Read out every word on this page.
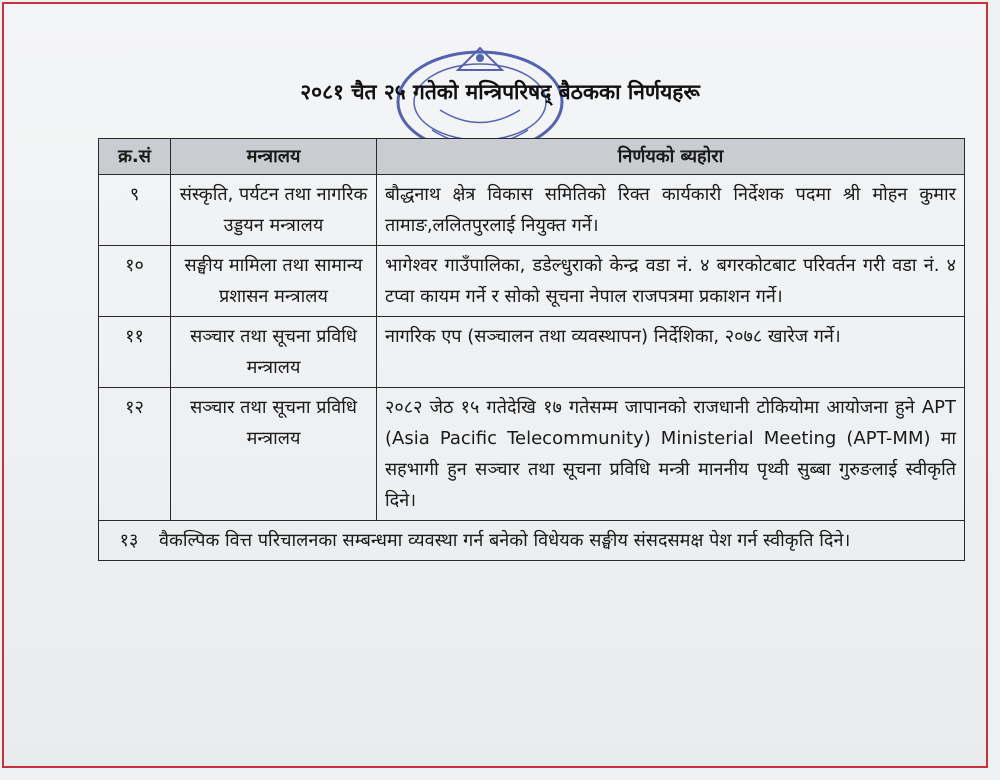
२०८१ चैत २५ गतेको मन्त्रिपरिषद् बैठकका निर्णयहरू
क्र.सं	मन्त्रालय	निर्णयको ब्यहोरा
९	संस्कृति, पर्यटन तथा नागरिक उड्डयन मन्त्रालय	बौद्धनाथ क्षेत्र विकास समितिको रिक्त कार्यकारी निर्देशक पदमा श्री मोहन कुमार तामाङ,ललितपुरलाई नियुक्त गर्ने।
१०	सङ्घीय मामिला तथा सामान्य प्रशासन मन्त्रालय	भागेश्वर गाउँपालिका, डडेल्धुराको केन्द्र वडा नं. ४ बगरकोटबाट परिवर्तन गरी वडा नं. ४ टप्वा कायम गर्ने र सोको सूचना नेपाल राजपत्रमा प्रकाशन गर्ने।
११	सञ्चार तथा सूचना प्रविधि मन्त्रालय	नागरिक एप (सञ्चालन तथा व्यवस्थापन) निर्देशिका, २०७८ खारेज गर्ने।
१२	सञ्चार तथा सूचना प्रविधि मन्त्रालय	२०८२ जेठ १५ गतेदेखि १७ गतेसम्म जापानको राजधानी टोकियोमा आयोजना हुने APT (Asia Pacific Telecommunity) Ministerial Meeting (APT-MM) मा सहभागी हुन सञ्चार तथा सूचना प्रविधि मन्त्री माननीय पृथ्वी सुब्बा गुरुङलाई स्वीकृति दिने।
१३ वैकल्पिक वित्त परिचालनका सम्बन्धमा व्यवस्था गर्न बनेको विधेयक सङ्घीय संसदसमक्ष पेश गर्न स्वीकृति दिने।		
